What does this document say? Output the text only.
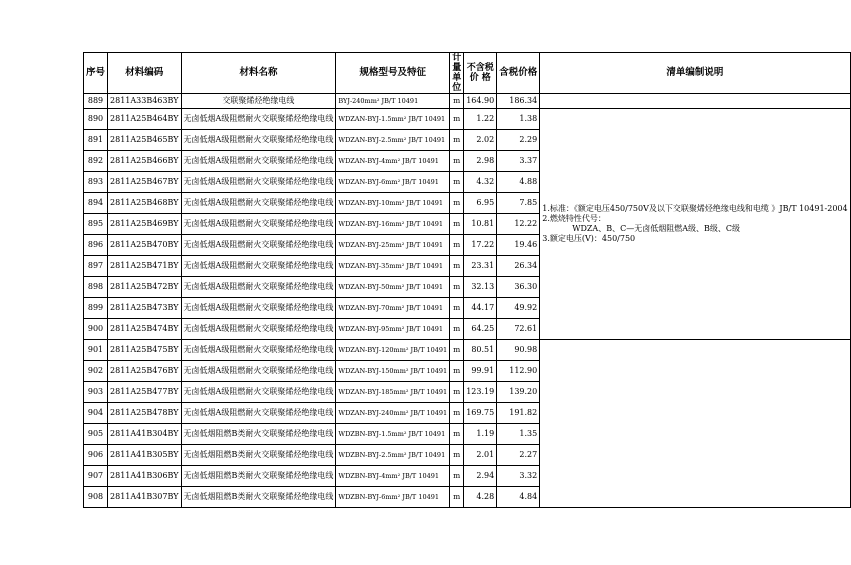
序号	材料编码	材料名称	规格型号及特征	计量单位	不含税价 格	含税价格	清单编制说明
889	2811A33B463BY	交联聚烯烃绝缘电线	BYJ-240mm² JB/T 10491	m	164.90	186.34	
890	2811A25B464BY	无卤低烟A级阻燃耐火交联聚烯烃绝缘电线	WDZAN-BYJ-1.5mm² JB/T 10491	m	1.22	1.38	1.标准：《额定电压450/750V及以下交联聚烯烃绝缘电线和电缆 》JB/T 10491-2004
2.燃烧特性代号：
WDZA、B、C—无卤低烟阻燃A级、B级、C级
3.额定电压(V)：450/750

891	2811A25B465BY	无卤低烟A级阻燃耐火交联聚烯烃绝缘电线	WDZAN-BYJ-2.5mm² JB/T 10491	m	2.02	2.29	
892	2811A25B466BY	无卤低烟A级阻燃耐火交联聚烯烃绝缘电线	WDZAN-BYJ-4mm² JB/T 10491	m	2.98	3.37	
893	2811A25B467BY	无卤低烟A级阻燃耐火交联聚烯烃绝缘电线	WDZAN-BYJ-6mm² JB/T 10491	m	4.32	4.88	
894	2811A25B468BY	无卤低烟A级阻燃耐火交联聚烯烃绝缘电线	WDZAN-BYJ-10mm² JB/T 10491	m	6.95	7.85	
895	2811A25B469BY	无卤低烟A级阻燃耐火交联聚烯烃绝缘电线	WDZAN-BYJ-16mm² JB/T 10491	m	10.81	12.22	
896	2811A25B470BY	无卤低烟A级阻燃耐火交联聚烯烃绝缘电线	WDZAN-BYJ-25mm² JB/T 10491	m	17.22	19.46	
897	2811A25B471BY	无卤低烟A级阻燃耐火交联聚烯烃绝缘电线	WDZAN-BYJ-35mm² JB/T 10491	m	23.31	26.34	
898	2811A25B472BY	无卤低烟A级阻燃耐火交联聚烯烃绝缘电线	WDZAN-BYJ-50mm² JB/T 10491	m	32.13	36.30	
899	2811A25B473BY	无卤低烟A级阻燃耐火交联聚烯烃绝缘电线	WDZAN-BYJ-70mm² JB/T 10491	m	44.17	49.92	
900	2811A25B474BY	无卤低烟A级阻燃耐火交联聚烯烃绝缘电线	WDZAN-BYJ-95mm² JB/T 10491	m	64.25	72.61	
901	2811A25B475BY	无卤低烟A级阻燃耐火交联聚烯烃绝缘电线	WDZAN-BYJ-120mm² JB/T 10491	m	80.51	90.98	
902	2811A25B476BY	无卤低烟A级阻燃耐火交联聚烯烃绝缘电线	WDZAN-BYJ-150mm² JB/T 10491	m	99.91	112.90	
903	2811A25B477BY	无卤低烟A级阻燃耐火交联聚烯烃绝缘电线	WDZAN-BYJ-185mm² JB/T 10491	m	123.19	139.20	
904	2811A25B478BY	无卤低烟A级阻燃耐火交联聚烯烃绝缘电线	WDZAN-BYJ-240mm² JB/T 10491	m	169.75	191.82	
905	2811A41B304BY	无卤低烟阻燃B类耐火交联聚烯烃绝缘电线	WDZBN-BYJ-1.5mm² JB/T 10491	m	1.19	1.35	
906	2811A41B305BY	无卤低烟阻燃B类耐火交联聚烯烃绝缘电线	WDZBN-BYJ-2.5mm² JB/T 10491	m	2.01	2.27	
907	2811A41B306BY	无卤低烟阻燃B类耐火交联聚烯烃绝缘电线	WDZBN-BYJ-4mm² JB/T 10491	m	2.94	3.32	
908	2811A41B307BY	无卤低烟阻燃B类耐火交联聚烯烃绝缘电线	WDZBN-BYJ-6mm² JB/T 10491	m	4.28	4.84	
